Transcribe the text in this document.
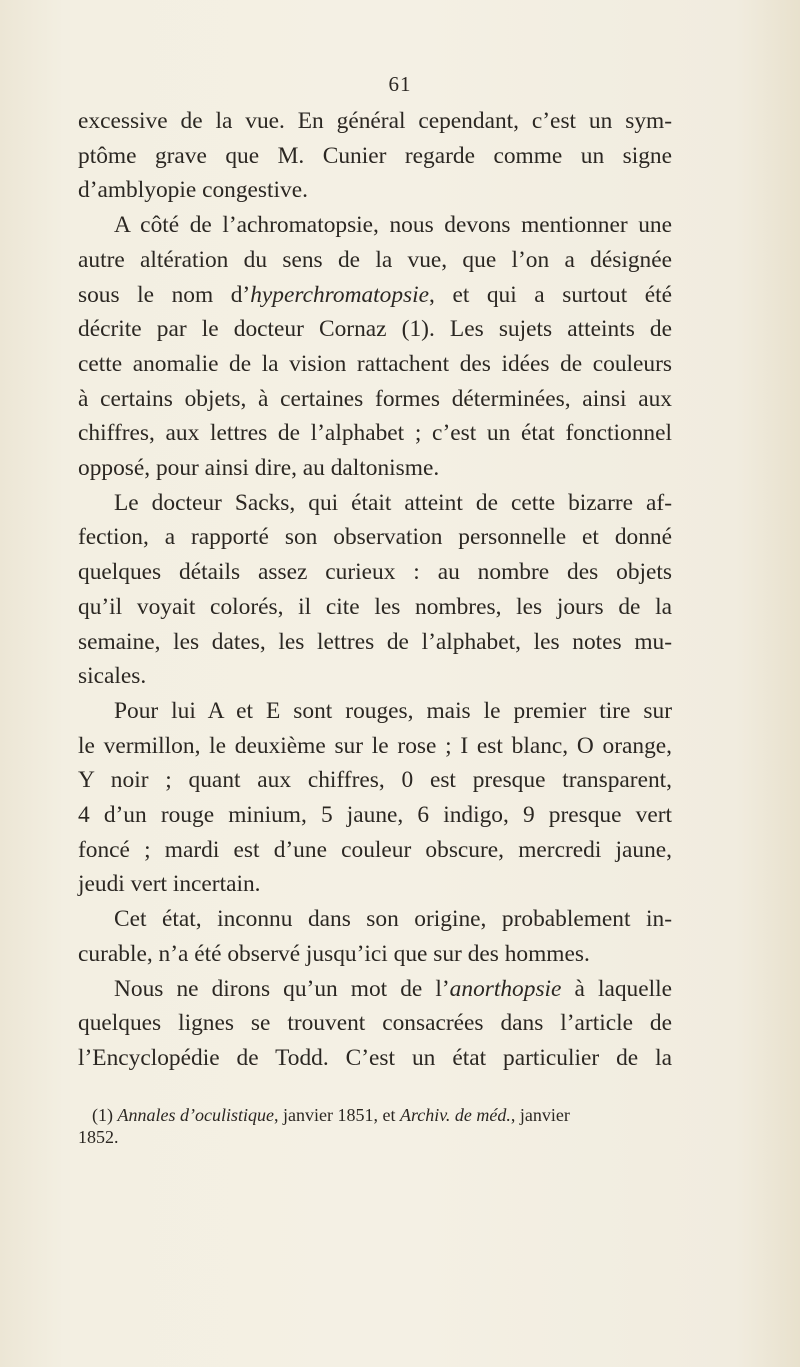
61

excessive de la vue. En général cependant, c’est un sym-
ptôme grave que M. Cunier regarde comme un signe
d’amblyopie congestive.

A côté de l’achromatopsie, nous devons mentionner une
autre altération du sens de la vue, que l’on a désignée
sous le nom d’hyperchromatopsie, et qui a surtout été
décrite par le docteur Cornaz (1). Les sujets atteints de
cette anomalie de la vision rattachent des idées de couleurs
à certains objets, à certaines formes déterminées, ainsi aux
chiffres, aux lettres de l’alphabet ; c’est un état fonctionnel
opposé, pour ainsi dire, au daltonisme.

Le docteur Sacks, qui était atteint de cette bizarre af-
fection, a rapporté son observation personnelle et donné
quelques détails assez curieux : au nombre des objets
qu’il voyait colorés, il cite les nombres, les jours de la
semaine, les dates, les lettres de l’alphabet, les notes mu-
sicales.

Pour lui A et E sont rouges, mais le premier tire sur
le vermillon, le deuxième sur le rose ; I est blanc, O orange,
Y noir ; quant aux chiffres, 0 est presque transparent,
4 d’un rouge minium, 5 jaune, 6 indigo, 9 presque vert
foncé ; mardi est d’une couleur obscure, mercredi jaune,
jeudi vert incertain.

Cet état, inconnu dans son origine, probablement in-
curable, n’a été observé jusqu’ici que sur des hommes.

Nous ne dirons qu’un mot de l’anorthopsie à laquelle
quelques lignes se trouvent consacrées dans l’article de
l’Encyclopédie de Todd. C’est un état particulier de la

(1) Annales d’oculistique, janvier 1851, et Archiv. de méd., janvier
1852.
